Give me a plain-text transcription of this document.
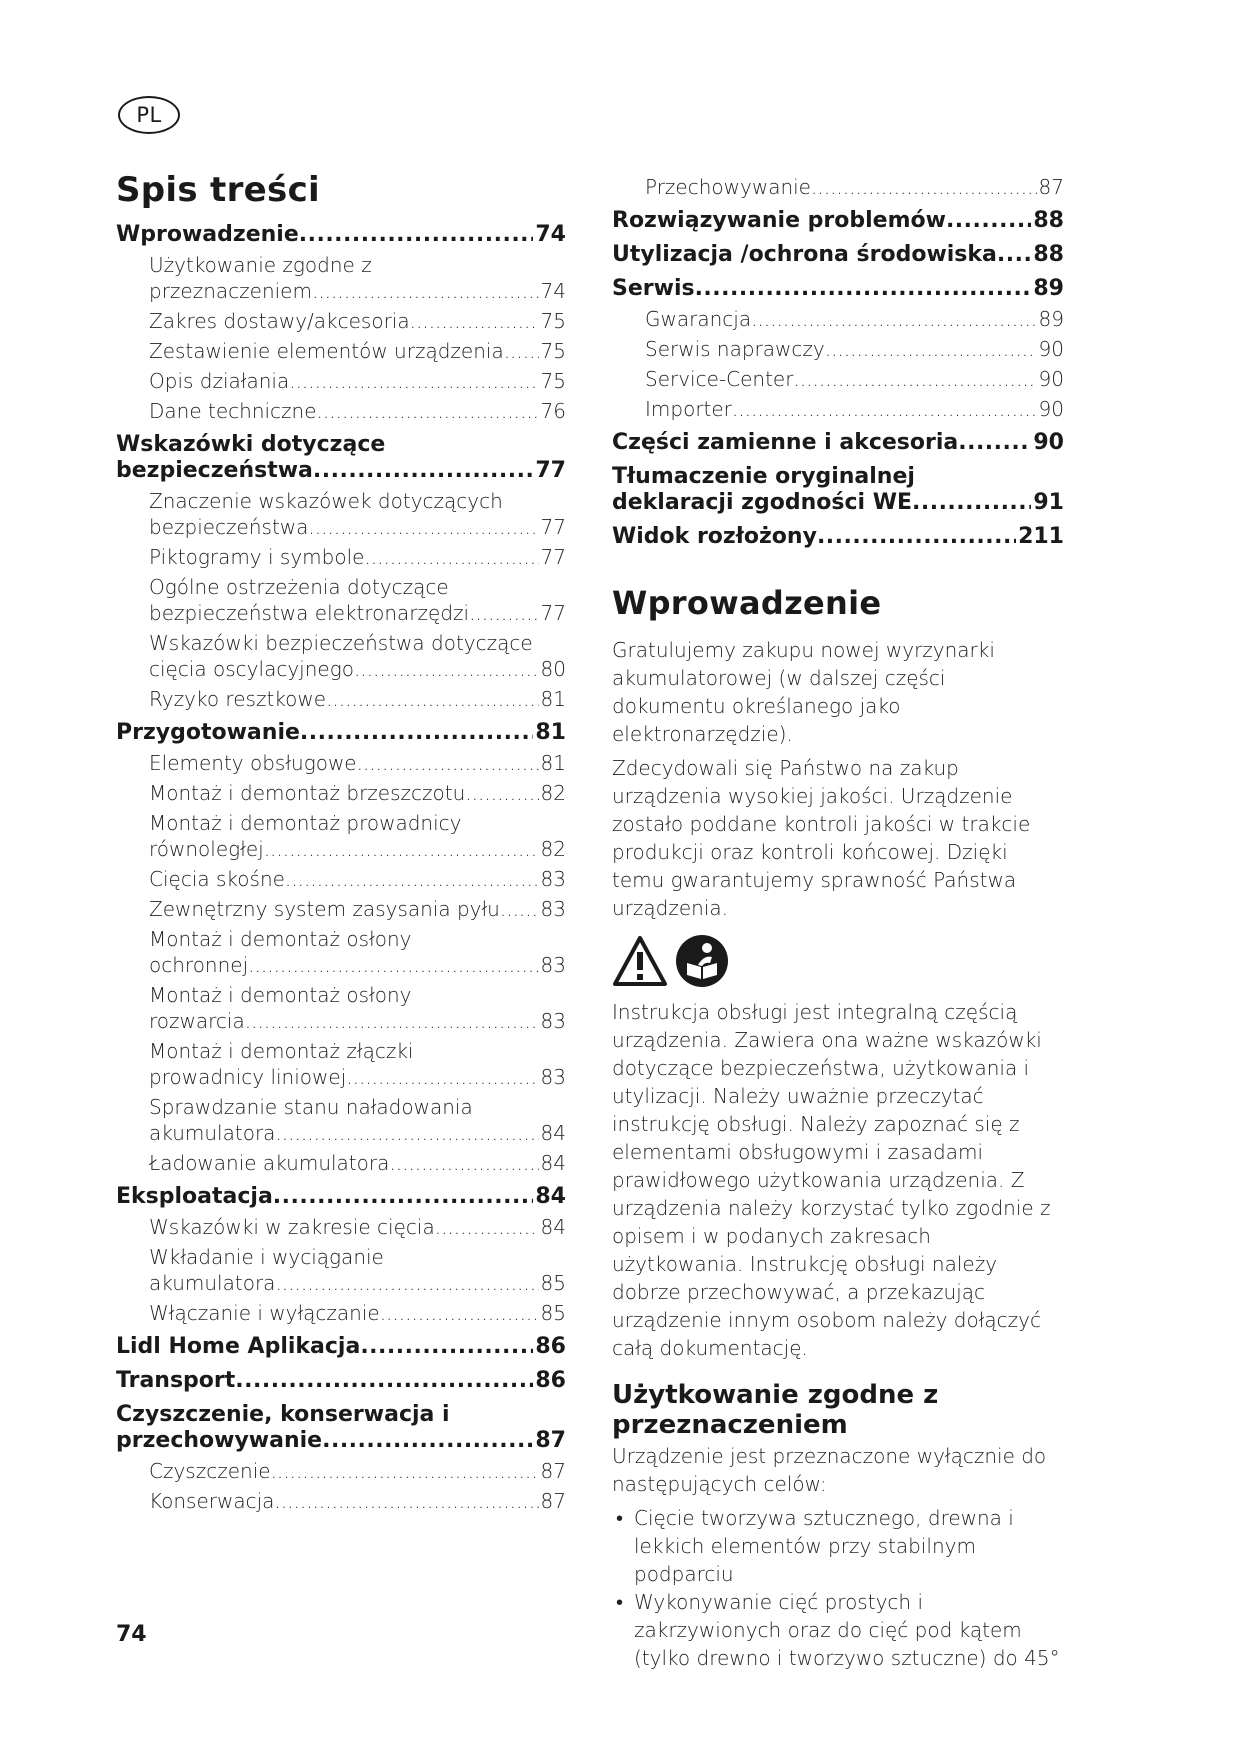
PL
Spis treści
Wprowadzenie .....	74
Użytkowanie zgodne z
przeznaczeniem .....	74
Zakres dostawy/akcesoria .....	75
Zestawienie elementów urządzenia ..... 75
Opis działania .....	75
Dane techniczne .....	76
Wskazówki dotyczące
bezpieczeństwa .....	77
Znaczenie wskazówek dotyczących
bezpieczeństwa .....	77
Piktogramy i symbole .....	77
Ogólne ostrzeżenia dotyczące
bezpieczeństwa elektronarzędzi .....	77
Wskazówki bezpieczeństwa dotyczące
cięcia oscylacyjnego .....	80
Ryzyko resztkowe .....	81
Przygotowanie .....	81
Elementy obsługowe .....	81
Montaż i demontaż brzeszczotu .....	82
Montaż i demontaż prowadnicy
równoległej .....	82
Cięcia skośne .....	83
Zewnętrzny system zasysania pyłu ..... 83
Montaż i demontaż osłony
ochronnej .....	83
Montaż i demontaż osłony
rozwarcia .....	83
Montaż i demontaż złączki
prowadnicy liniowej .....	83
Sprawdzanie stanu naładowania
akumulatora .....	84
Ładowanie akumulatora .....	84
Eksploatacja .....	84
Wskazówki w zakresie cięcia .....	84
Wkładanie i wyciąganie
akumulatora .....	85
Włączanie i wyłączanie .....	85
Lidl Home Aplikacja .....	86
Transport .....	86
Czyszczenie, konserwacja i
przechowywanie .....	87
Czyszczenie .....	87
Konserwacja .....	87
Przechowywanie .....	87
Rozwiązywanie problemów .....	88
Utylizacja /ochrona środowiska ..... 88
Serwis .....	89
Gwarancja .....	89
Serwis naprawczy .....	90
Service-Center .....	90
Importer .....	90
Części zamienne i akcesoria .....	90
Tłumaczenie oryginalnej
deklaracji zgodności WE .....	91
Widok rozłożony .....	211
Wprowadzenie

Gratulujemy zakupu nowej wyrzynarki akumulatorowej (w dalszej części dokumentu określanego jako elektronarzędzie).

Zdecydowali się Państwo na zakup urządzenia wysokiej jakości. Urządzenie zostało poddane kontroli jakości w trakcie produkcji oraz kontroli końcowej. Dzięki temu gwarantujemy sprawność Państwa urządzenia.

Instrukcja obsługi jest integralną częścią urządzenia. Zawiera ona ważne wskazówki dotyczące bezpieczeństwa, użytkowania i utylizacji. Należy uważnie przeczytać instrukcję obsługi. Należy zapoznać się z elementami obsługowymi i zasadami prawidłowego użytkowania urządzenia. Z urządzenia należy korzystać tylko zgodnie z opisem i w podanych zakresach użytkowania. Instrukcję obsługi należy dobrze przechowywać, a przekazując urządzenie innym osobom należy dołączyć całą dokumentację.

Użytkowanie zgodne z przeznaczeniem

Urządzenie jest przeznaczone wyłącznie do następujących celów:

• Cięcie tworzywa sztucznego, drewna i lekkich elementów przy stabilnym podparciu
• Wykonywanie cięć prostych i zakrzywionych oraz do cięć pod kątem (tylko drewno i tworzywo sztuczne) do 45°
74
